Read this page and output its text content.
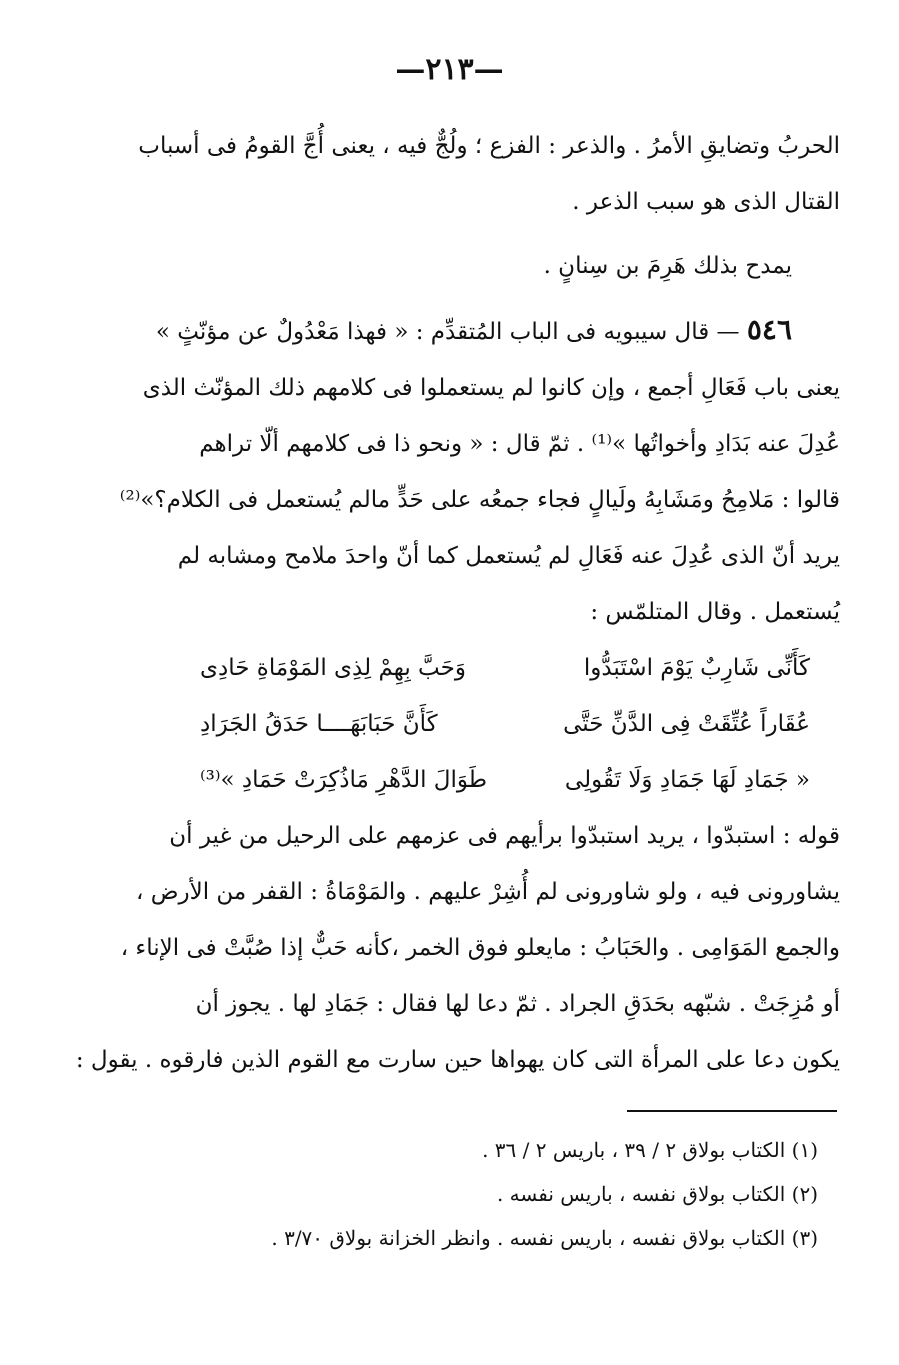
—٢١٣—
الحربُ وتضايقِ الأمرُ . والذعر : الفزع ؛ ولُجٌّ فيه ، يعنى أُجَّ القومُ فى أسباب
القتال الذى هو سبب الذعر .
يمدح بذلك هَرِمَ بن سِنانٍ .
٥٤٦ — قال سيبويه فى الباب المُتقدِّم : « فهذا مَعْدُولٌ عن مؤنّثٍ »
يعنى باب فَعَالِ أجمع ، وإن كانوا لم يستعملوا فى كلامهم ذلك المؤنّث الذى
عُدِلَ عنه بَدَادِ وأخواتُها »⁽¹⁾ . ثمّ قال : « ونحو ذا فى كلامهم ألّا تراهم
قالوا : مَلامِحُ ومَشَابِهُ ولَيالٍ فجاء جمعُه على حَدٍّ مالم يُستعمل فى الكلام؟»⁽²⁾
يريد أنّ الذى عُدِلَ عنه فَعَالِ لم يُستعمل كما أنّ واحدَ ملامح ومشابه لم
يُستعمل . وقال المتلمّس :
كَأَنِّى شَارِبٌ يَوْمَ اسْتَبَدُّوا
وَحَبَّ بِهِمْ لِذِى المَوْمَاةِ حَادِى
عُقَاراً عُتِّقَتْ فِى الدَّنِّ حَتَّى
كَأَنَّ حَبَابَهَــــا حَدَقُ الجَرَادِ
« جَمَادِ لَهَا جَمَادِ وَلَا تَقُولِى
طَوَالَ الدَّهْرِ مَاذُكِرَتْ حَمَادِ »⁽³⁾
قوله : استبدّوا ، يريد استبدّوا برأيهم فى عزمهم على الرحيل من غير أن
يشاورونى فيه ، ولو شاورونى لم أُشِرْ عليهم . والمَوْمَاةُ : القفر من الأرض ،
والجمع المَوَامِى . والحَبَابُ : مايعلو فوق الخمر ،كأنه حَبٌّ إذا صُبَّتْ فى الإناء ،
أو مُزِجَتْ . شبّهه بحَدَقِ الجراد . ثمّ دعا لها فقال : جَمَادِ لها . يجوز أن
يكون دعا على المرأة التى كان يهواها حين سارت مع القوم الذين فارقوه . يقول :
(١) الكتاب بولاق ٢ / ٣٩ ، باريس ٢ / ٣٦ .
(٢) الكتاب بولاق نفسه ، باريس نفسه .
(٣) الكتاب بولاق نفسه ، باريس نفسه . وانظر الخزانة بولاق ٣/٧٠ .
